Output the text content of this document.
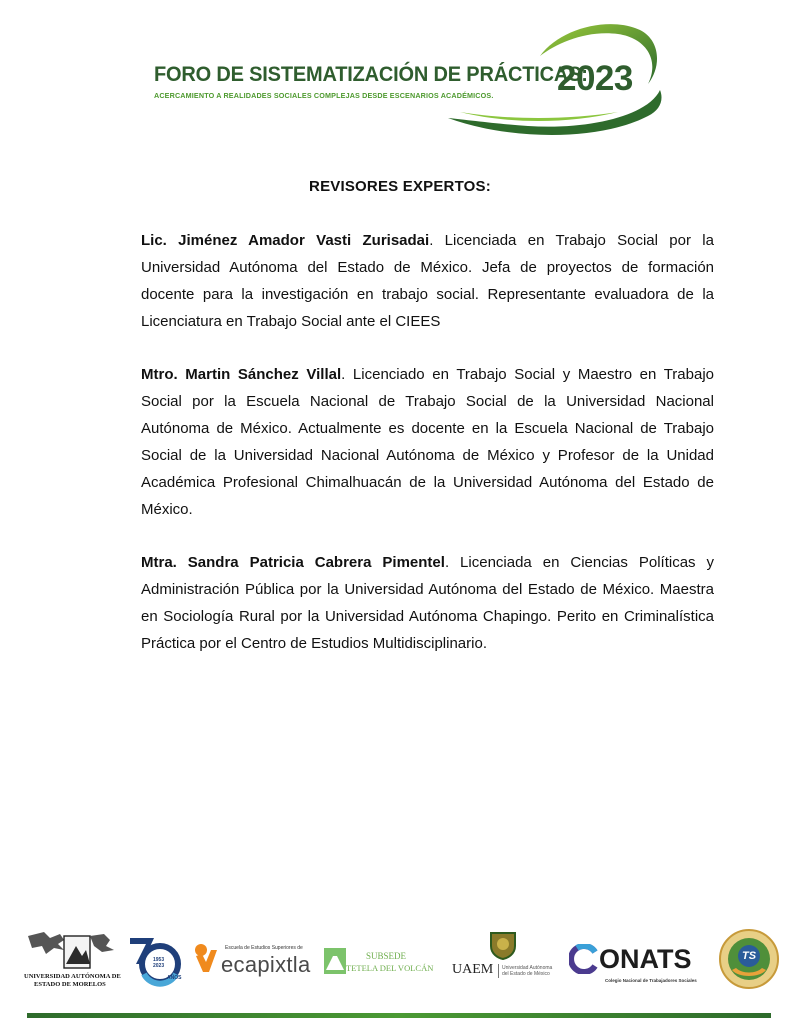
FORO DE SISTEMATIZACIÓN DE PRÁCTICAS:
ACERCAMIENTO A REALIDADES SOCIALES COMPLEJAS DESDE ESCENARIOS ACADÉMICOS. 2023
REVISORES EXPERTOS:
Lic. Jiménez Amador Vasti Zurisadai. Licenciada en Trabajo Social por la Universidad Autónoma del Estado de México. Jefa de proyectos de formación docente para la investigación en trabajo social. Representante evaluadora de la Licenciatura en Trabajo Social ante el CIEES
Mtro. Martin Sánchez Villal. Licenciado en Trabajo Social y Maestro en Trabajo Social por la Escuela Nacional de Trabajo Social de la Universidad Nacional Autónoma de México. Actualmente es docente en la Escuela Nacional de Trabajo Social de la Universidad Nacional Autónoma de México y Profesor de la Unidad Académica Profesional Chimalhuacán de la Universidad Autónoma del Estado de México.
Mtra. Sandra Patricia Cabrera Pimentel. Licenciada en Ciencias Políticas y Administración Pública por la Universidad Autónoma del Estado de México. Maestra en Sociología Rural por la Universidad Autónoma Chapingo. Perito en Criminalística Práctica por el Centro de Estudios Multidisciplinario.
UNIVERSIDAD AUTÓNOMA DE
ESTADO DE MORELOS
1953
2023
AÑOS
Escuela de Estudios Superiores de
ecapixtla	SUBSEDE
TETELA DEL VOLCÁN UAEM Universidad Autónoma
del Estado de México ONATS
Colegio Nacional de Trabajadores Sociales
TS
